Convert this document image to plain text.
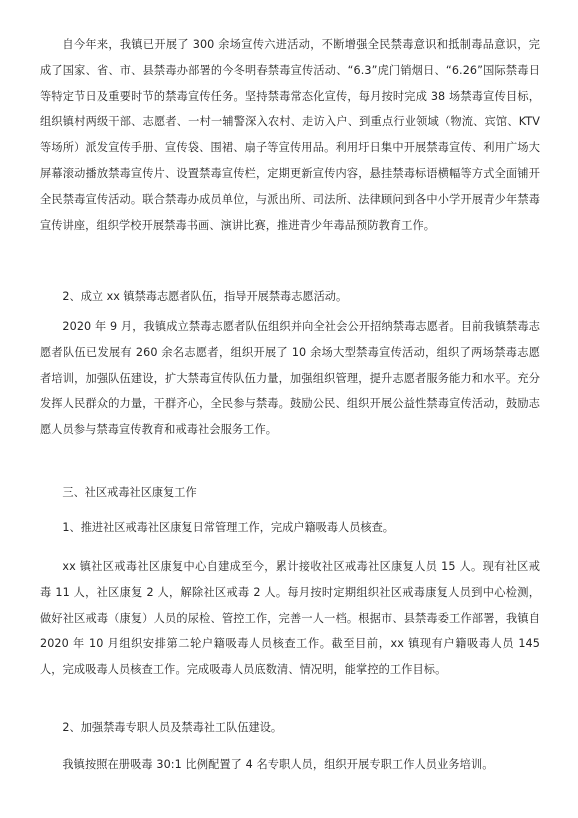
自今年来，我镇已开展了 300 余场宣传六进活动，不断增强全民禁毒意识和抵制毒品意识，完成了国家、省、市、县禁毒办部署的今冬明春禁毒宣传活动、“6.3”虎门销烟日、“6.26”国际禁毒日等特定节日及重要时节的禁毒宣传任务。坚持禁毒常态化宣传，每月按时完成 38 场禁毒宣传目标，组织镇村两级干部、志愿者、一村一辅警深入农村、走访入户、到重点行业领域（物流、宾馆、KTV 等场所）派发宣传手册、宣传袋、围裙、扇子等宣传用品。利用圩日集中开展禁毒宣传、利用广场大屏幕滚动播放禁毒宣传片、设置禁毒宣传栏，定期更新宣传内容，悬挂禁毒标语横幅等方式全面铺开全民禁毒宣传活动。联合禁毒办成员单位，与派出所、司法所、法律顾问到各中小学开展青少年禁毒宣传讲座，组织学校开展禁毒书画、演讲比赛，推进青少年毒品预防教育工作。

2、成立 xx 镇禁毒志愿者队伍，指导开展禁毒志愿活动。

2020 年 9 月，我镇成立禁毒志愿者队伍组织并向全社会公开招纳禁毒志愿者。目前我镇禁毒志愿者队伍已发展有 260 余名志愿者，组织开展了 10 余场大型禁毒宣传活动，组织了两场禁毒志愿者培训，加强队伍建设，扩大禁毒宣传队伍力量，加强组织管理，提升志愿者服务能力和水平。充分发挥人民群众的力量，干群齐心，全民参与禁毒。鼓励公民、组织开展公益性禁毒宣传活动，鼓励志愿人员参与禁毒宣传教育和戒毒社会服务工作。

三、社区戒毒社区康复工作

1、推进社区戒毒社区康复日常管理工作，完成户籍吸毒人员核查。

xx 镇社区戒毒社区康复中心自建成至今，累计接收社区戒毒社区康复人员 15 人。现有社区戒毒 11 人，社区康复 2 人，解除社区戒毒 2 人。每月按时定期组织社区戒毒康复人员到中心检测，做好社区戒毒（康复）人员的尿检、管控工作，完善一人一档。根据市、县禁毒委工作部署，我镇自 2020 年 10 月组织安排第二轮户籍吸毒人员核查工作。截至目前，xx 镇现有户籍吸毒人员 145 人，完成吸毒人员核查工作。完成吸毒人员底数清、情况明，能掌控的工作目标。

2、加强禁毒专职人员及禁毒社工队伍建设。

我镇按照在册吸毒 30:1 比例配置了 4 名专职人员，组织开展专职工作人员业务培训。
